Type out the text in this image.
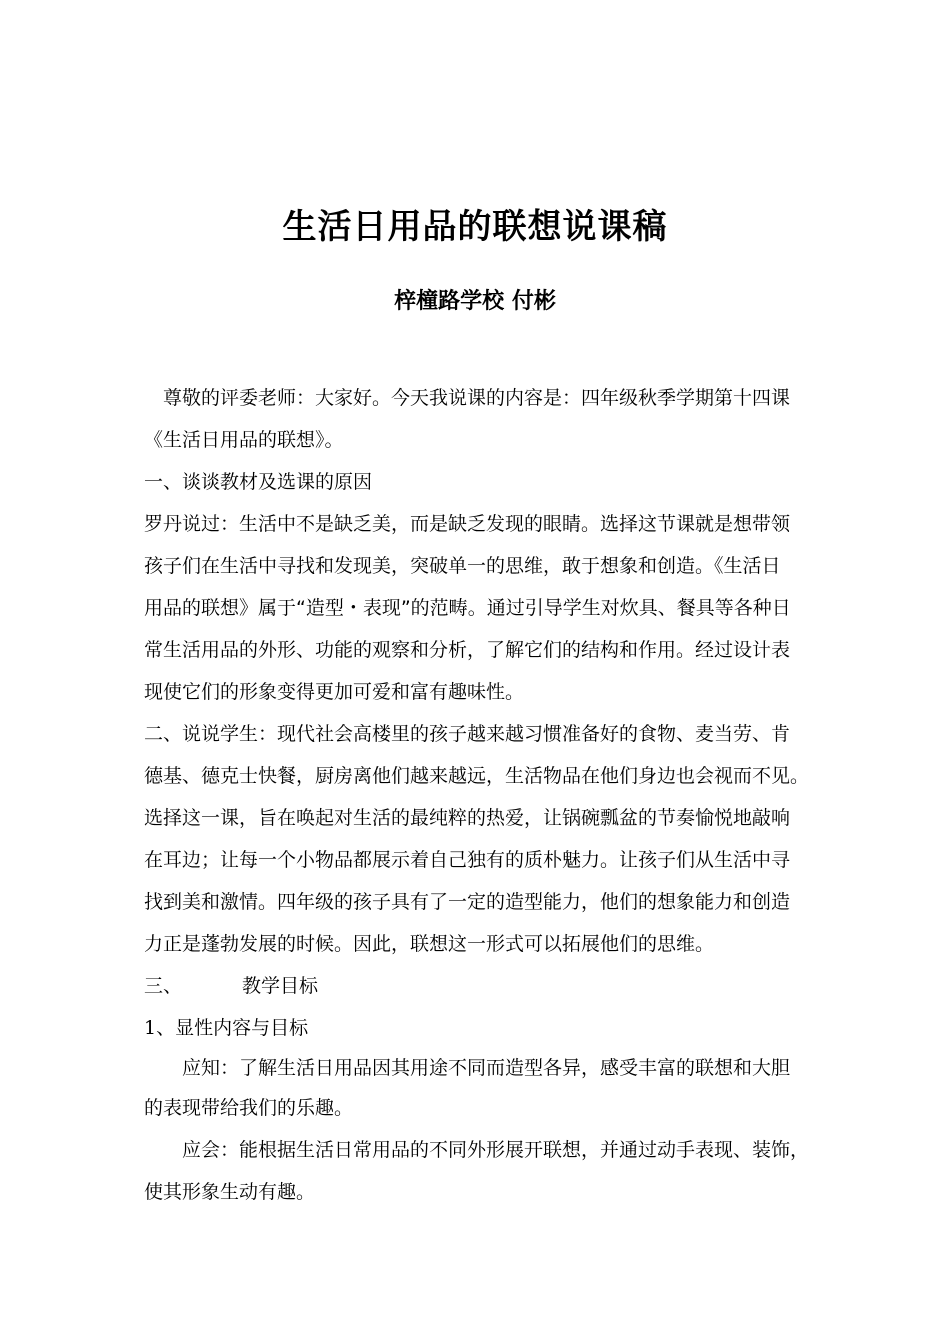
生活日用品的联想说课稿
梓橦路学校 付彬
尊敬的评委老师：大家好。今天我说课的内容是：四年级秋季学期第十四课
《生活日用品的联想》。
一、谈谈教材及选课的原因
罗丹说过：生活中不是缺乏美，而是缺乏发现的眼睛。选择这节课就是想带领
孩子们在生活中寻找和发现美，突破单一的思维，敢于想象和创造。《生活日
用品的联想》属于“造型・表现”的范畴。通过引导学生对炊具、餐具等各种日
常生活用品的外形、功能的观察和分析，了解它们的结构和作用。经过设计表
现使它们的形象变得更加可爱和富有趣味性。
二、说说学生：现代社会高楼里的孩子越来越习惯准备好的食物、麦当劳、肯
德基、德克士快餐，厨房离他们越来越远，生活物品在他们身边也会视而不见。
选择这一课，旨在唤起对生活的最纯粹的热爱，让锅碗瓢盆的节奏愉悦地敲响
在耳边；让每一个小物品都展示着自己独有的质朴魅力。让孩子们从生活中寻
找到美和激情。四年级的孩子具有了一定的造型能力，他们的想象能力和创造
力正是蓬勃发展的时候。因此，联想这一形式可以拓展他们的思维。
三、	教学目标
1、显性内容与目标
应知：了解生活日用品因其用途不同而造型各异，感受丰富的联想和大胆
的表现带给我们的乐趣。
应会：能根据生活日常用品的不同外形展开联想，并通过动手表现、装饰，
使其形象生动有趣。
